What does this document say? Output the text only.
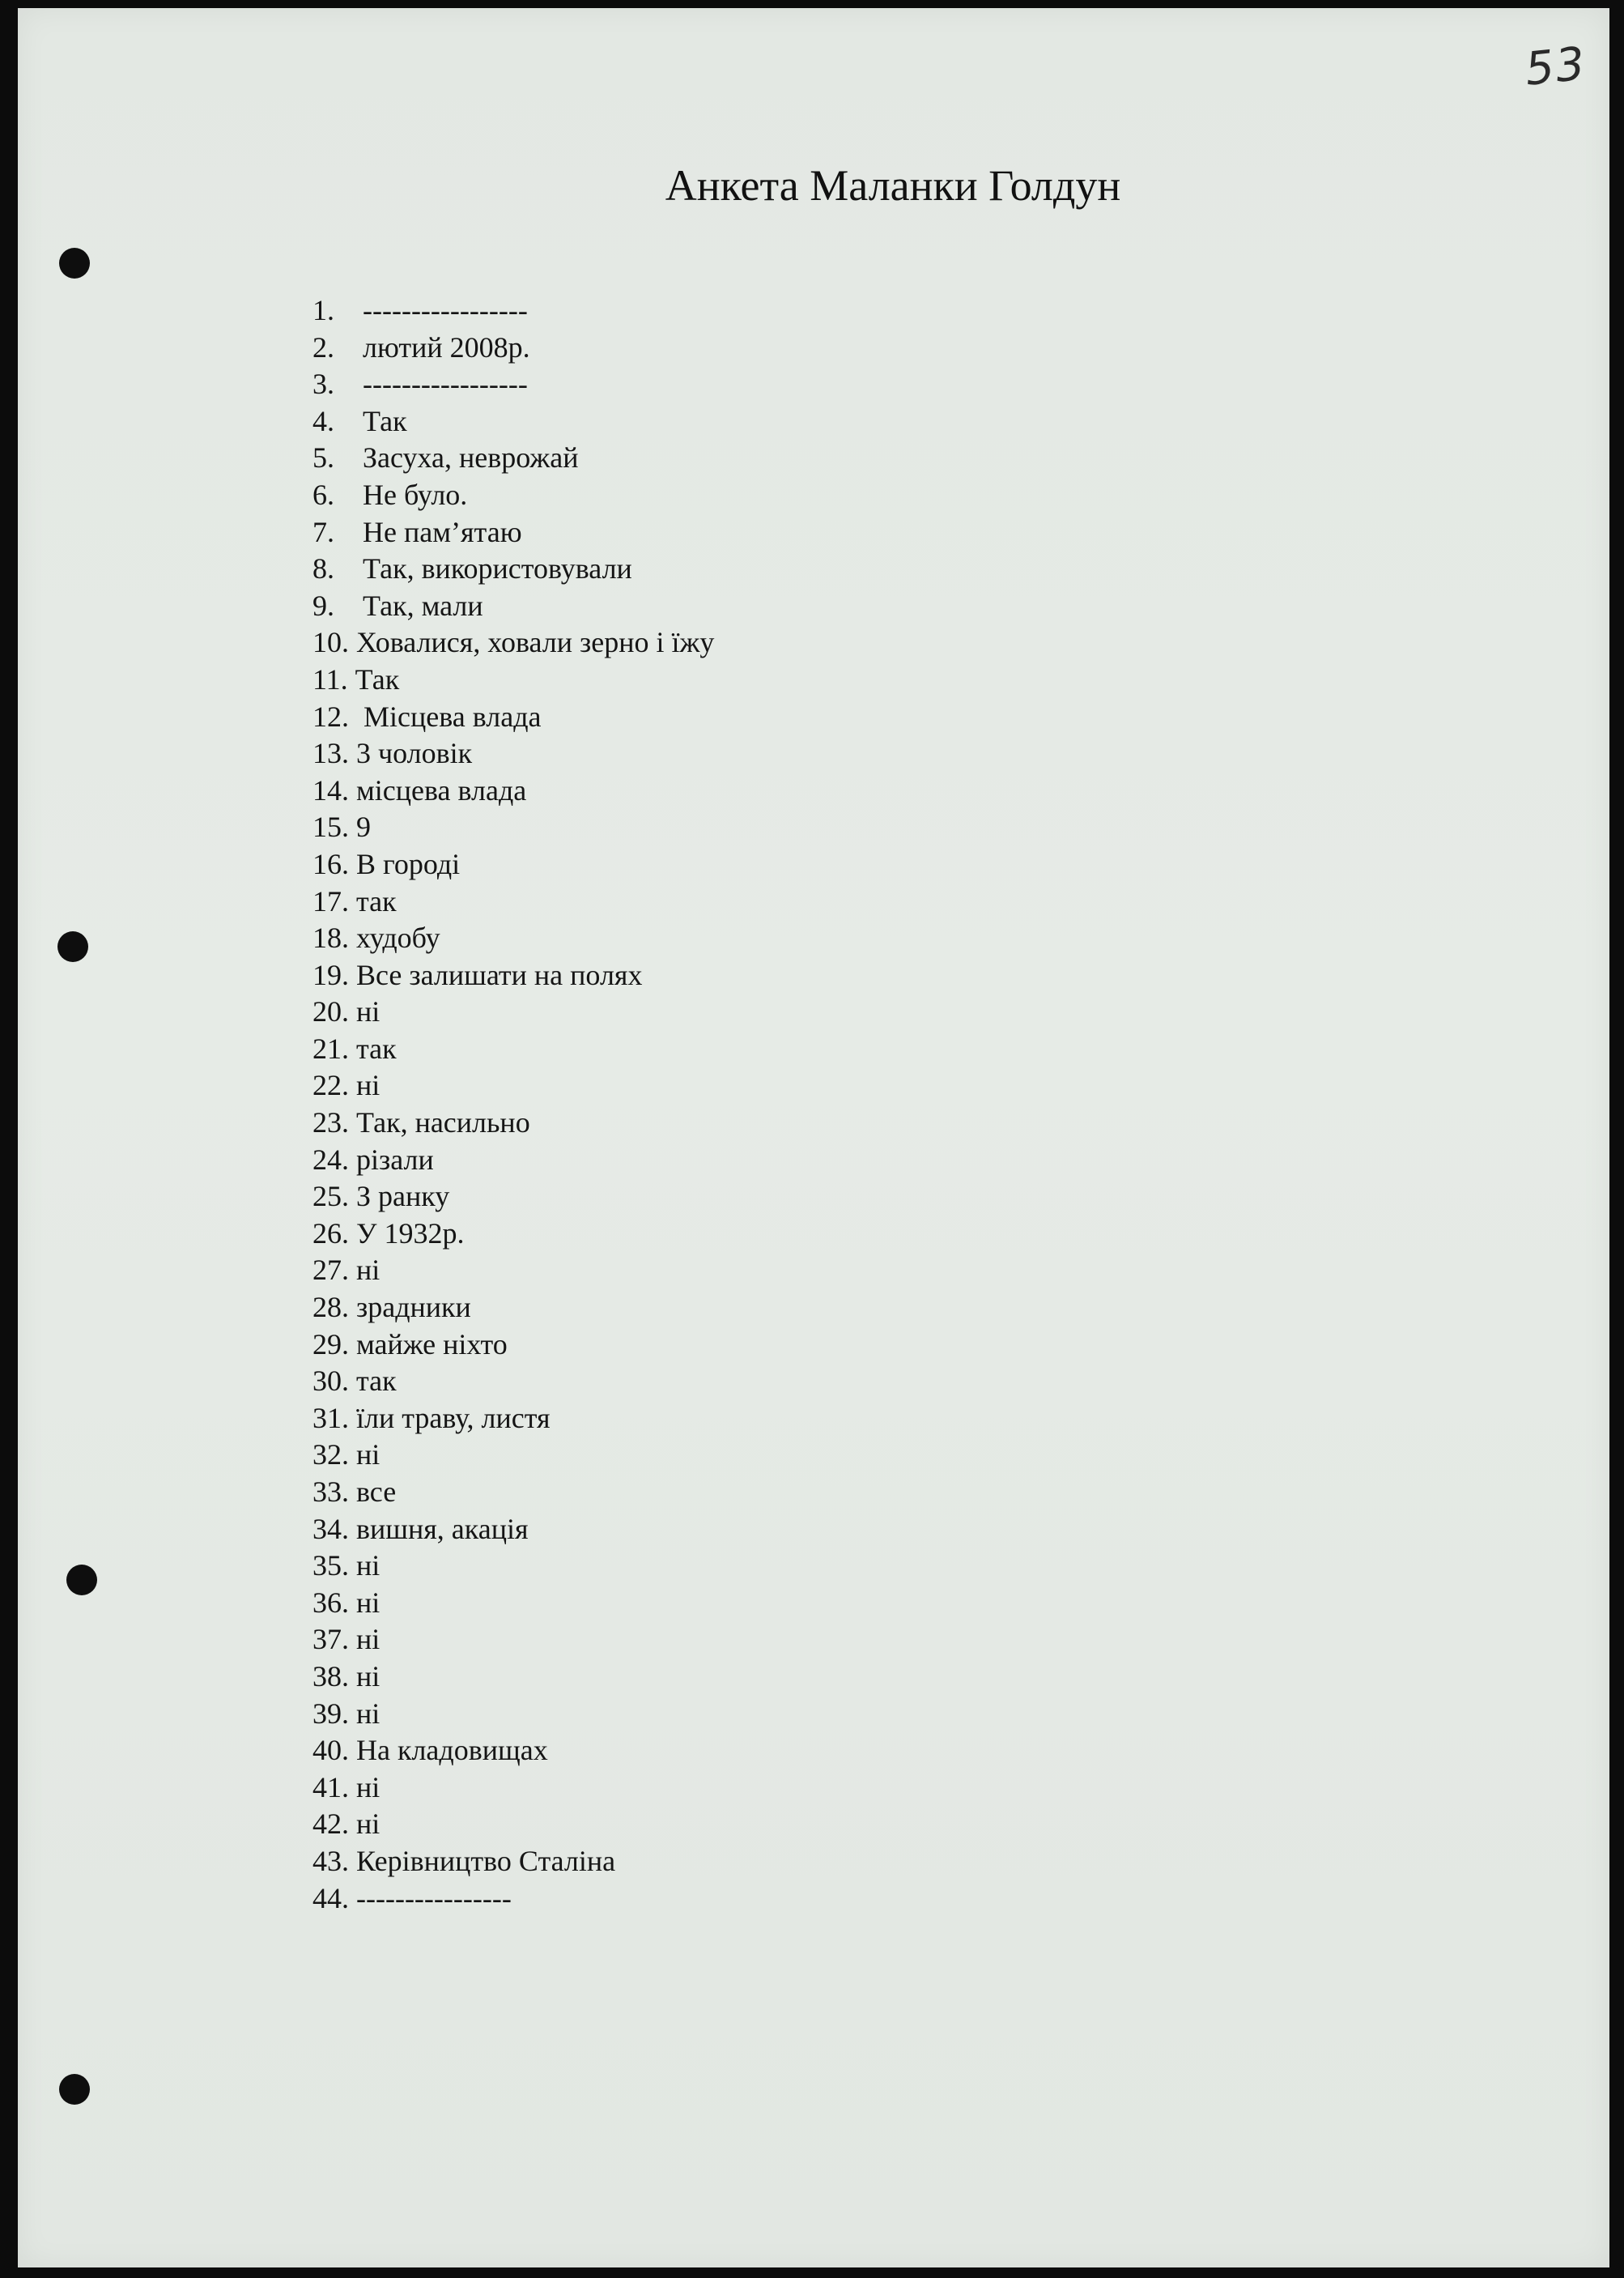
53
Анкета Маланки Голдун
1. -----------------
2. лютий 2008р.
3. -----------------
4. Так
5. Засуха, неврожай
6. Не було.
7. Не пам’ятаю
8. Так, використовували
9. Так, мали
10. Ховалися, ховали зерно і їжу
11. Так
12. Місцева влада
13. 3 чоловік
14. місцева влада
15. 9
16. В городі
17. так
18. худобу
19. Все залишати на полях
20. ні
21. так
22. ні
23. Так, насильно
24. різали
25. З ранку
26. У 1932р.
27. ні
28. зрадники
29. майже ніхто
30. так
31. їли траву, листя
32. ні
33. все
34. вишня, акація
35. ні
36. ні
37. ні
38. ні
39. ні
40. На кладовищах
41. ні
42. ні
43. Керівництво Сталіна
44. ----------------
